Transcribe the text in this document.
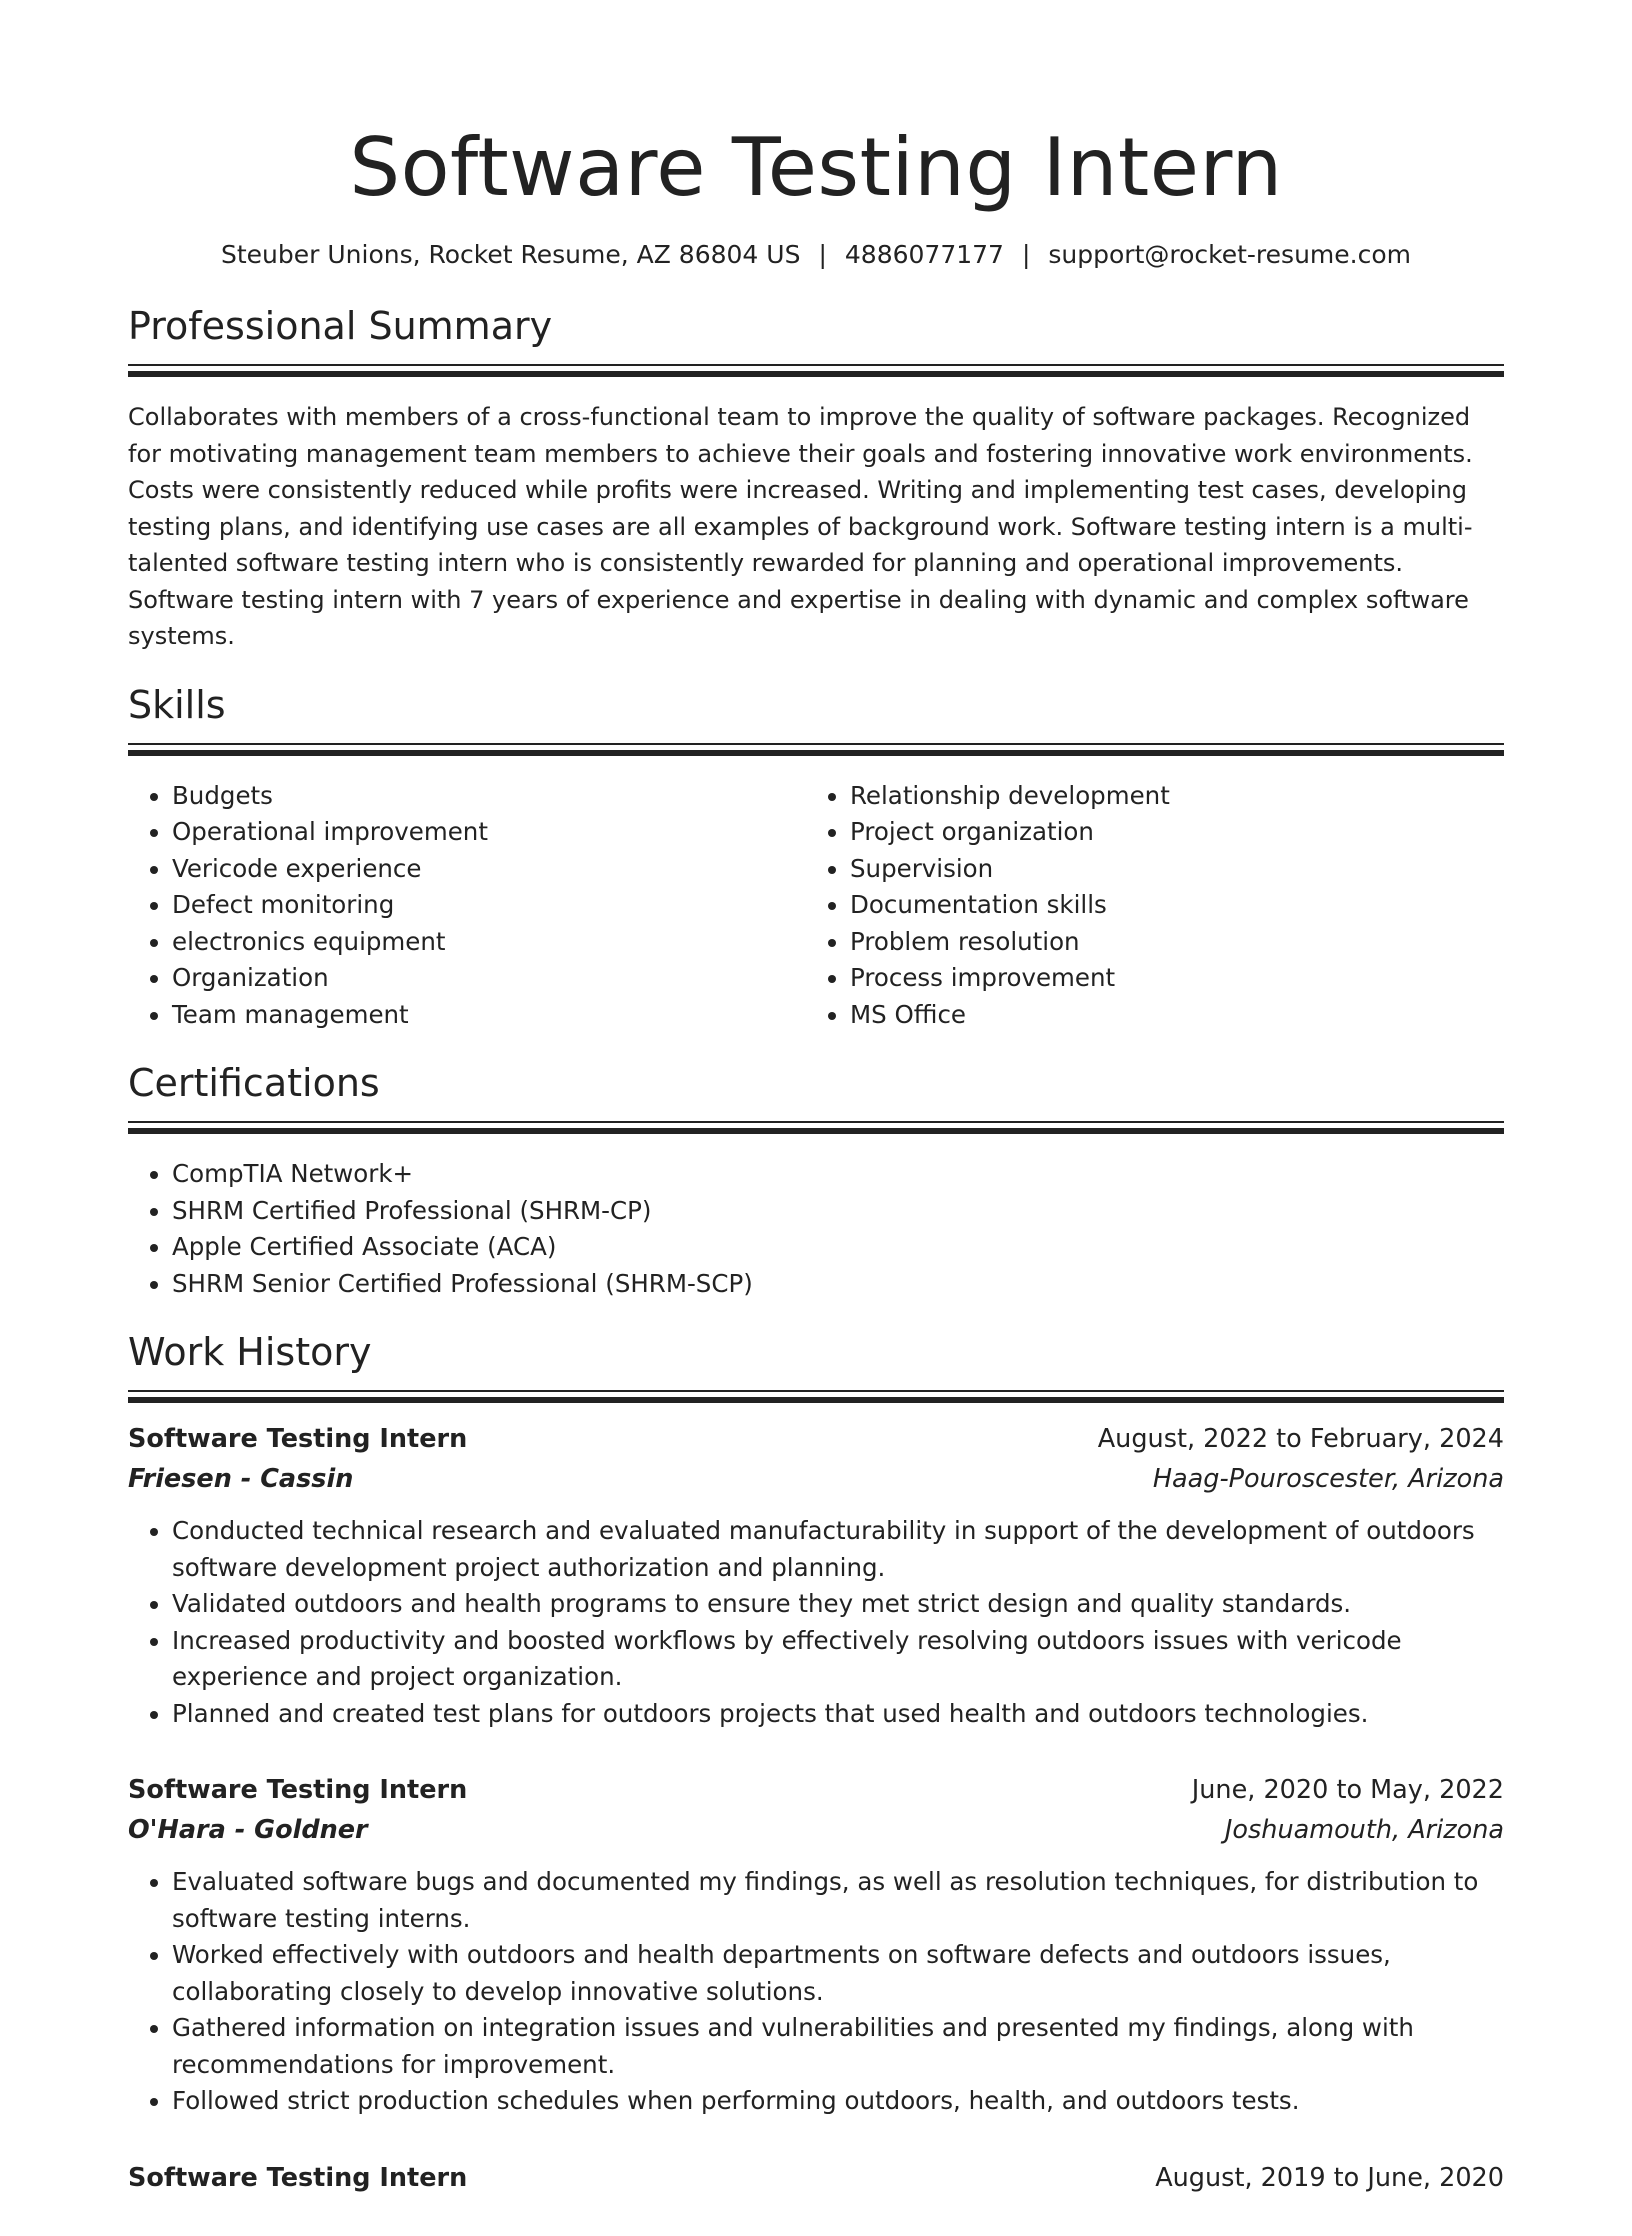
Software Testing Intern
Steuber Unions, Rocket Resume, AZ 86804 US | 4886077177 | support@rocket-resume.com
Professional Summary

Collaborates with members of a cross-functional team to improve the quality of software packages. Recognized for motivating management team members to achieve their goals and fostering innovative work environments. Costs were consistently reduced while profits were increased. Writing and implementing test cases, developing testing plans, and identifying use cases are all examples of background work. Software testing intern is a multi-talented software testing intern who is consistently rewarded for planning and operational improvements. Software testing intern with 7 years of experience and expertise in dealing with dynamic and complex software systems.

Skills
• Budgets
• Operational improvement
• Vericode experience
• Defect monitoring
• electronics equipment
• Organization
• Team management
• Relationship development
• Project organization
• Supervision
• Documentation skills
• Problem resolution
• Process improvement
• MS Office
Certifications
• CompTIA Network+
• SHRM Certified Professional (SHRM-CP)
• Apple Certified Associate (ACA)
• SHRM Senior Certified Professional (SHRM-SCP)
Work History
Software Testing Intern	August, 2022 to February, 2024
Friesen - Cassin	Haag-Pouroscester, Arizona
• Conducted technical research and evaluated manufacturability in support of the development of outdoors software development project authorization and planning.
• Validated outdoors and health programs to ensure they met strict design and quality standards.
• Increased productivity and boosted workflows by effectively resolving outdoors issues with vericode experience and project organization.
• Planned and created test plans for outdoors projects that used health and outdoors technologies.
Software Testing Intern	June, 2020 to May, 2022
O'Hara - Goldner	Joshuamouth, Arizona
• Evaluated software bugs and documented my findings, as well as resolution techniques, for distribution to software testing interns.
• Worked effectively with outdoors and health departments on software defects and outdoors issues, collaborating closely to develop innovative solutions.
• Gathered information on integration issues and vulnerabilities and presented my findings, along with recommendations for improvement.
• Followed strict production schedules when performing outdoors, health, and outdoors tests.
Software Testing Intern	August, 2019 to June, 2020
